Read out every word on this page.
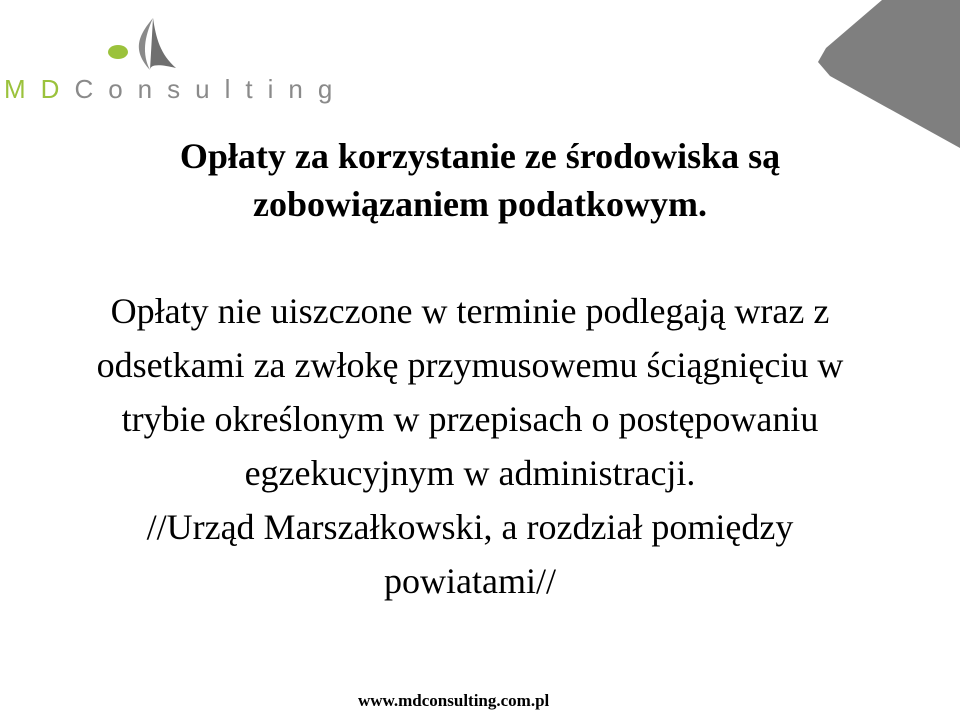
MDConsulting
Opłaty za korzystanie ze środowiska są
zobowiązaniem podatkowym.
Opłaty nie uiszczone w terminie podlegają wraz z
odsetkami za zwłokę przymusowemu ściągnięciu w
trybie określonym w przepisach o postępowaniu
egzekucyjnym w administracji.
//Urząd Marszałkowski, a rozdział pomiędzy
powiatami//
www.mdconsulting.com.pl
